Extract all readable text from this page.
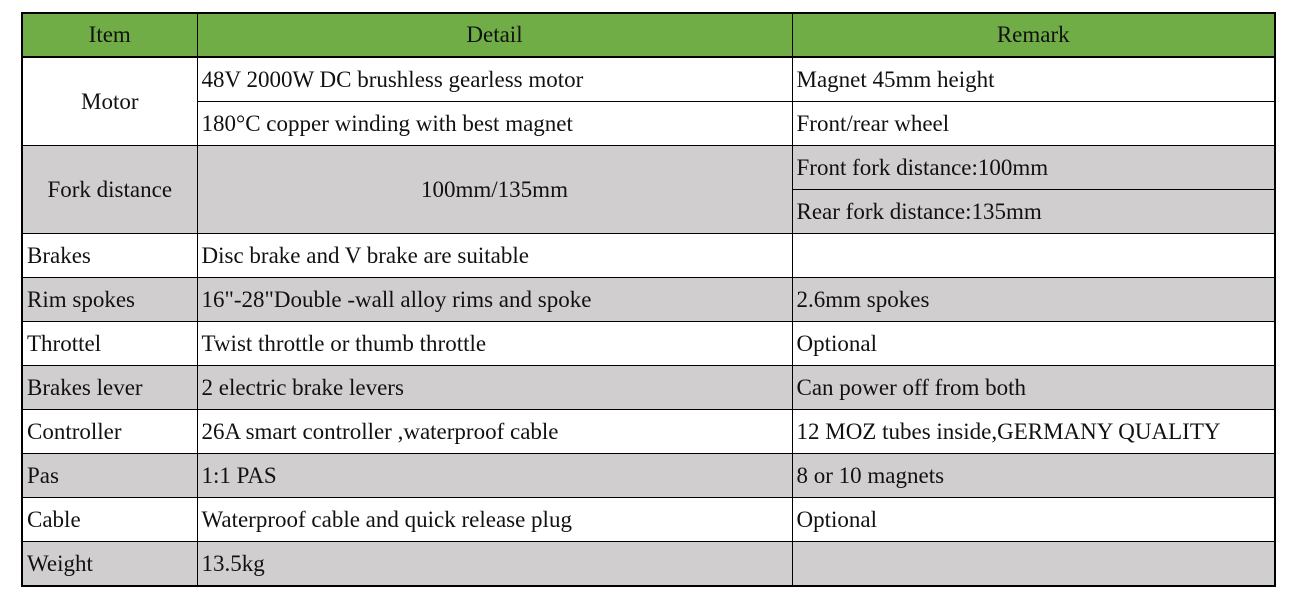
Item	Detail	Remark
Motor	48V 2000W DC brushless gearless motor	Magnet 45mm height
	180°C copper winding with best magnet	Front/rear wheel
Fork distance	100mm/135mm	Front fork distance:100mm
		Rear fork distance:135mm
Brakes	Disc brake and V brake are suitable	
Rim spokes	16"-28"Double -wall alloy rims and spoke	2.6mm spokes
Throttel	Twist throttle or thumb throttle	Optional
Brakes lever	2 electric brake levers	Can power off from both
Controller	26A smart controller ,waterproof cable	12 MOZ tubes inside,GERMANY QUALITY
Pas	1:1 PAS	8 or 10 magnets
Cable	Waterproof cable and quick release plug	Optional
Weight	13.5kg	
